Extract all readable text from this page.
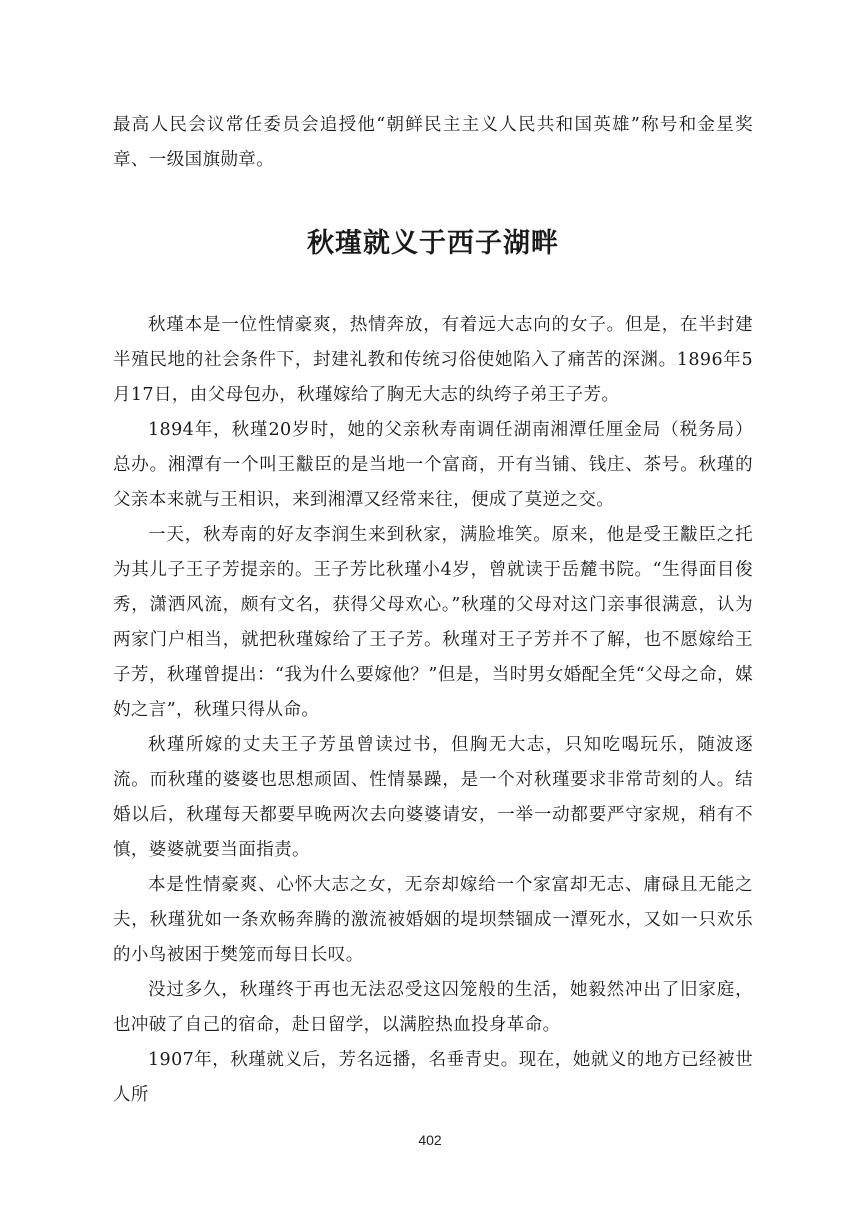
最高人民会议常任委员会追授他“朝鲜民主主义人民共和国英雄”称号和金星奖章、一级国旗勋章。

秋瑾就义于西子湖畔

秋瑾本是一位性情豪爽，热情奔放，有着远大志向的女子。但是，在半封建半殖民地的社会条件下，封建礼教和传统习俗使她陷入了痛苦的深渊。1896年5月17日，由父母包办，秋瑾嫁给了胸无大志的纨绔子弟王子芳。

1894年，秋瑾20岁时，她的父亲秋寿南调任湖南湘潭任厘金局（税务局）总办。湘潭有一个叫王黻臣的是当地一个富商，开有当铺、钱庄、茶号。秋瑾的父亲本来就与王相识，来到湘潭又经常来往，便成了莫逆之交。

一天，秋寿南的好友李润生来到秋家，满脸堆笑。原来，他是受王黻臣之托为其儿子王子芳提亲的。王子芳比秋瑾小4岁，曾就读于岳麓书院。“生得面目俊秀，潇洒风流，颇有文名，获得父母欢心。”秋瑾的父母对这门亲事很满意，认为两家门户相当，就把秋瑾嫁给了王子芳。秋瑾对王子芳并不了解，也不愿嫁给王子芳，秋瑾曾提出：“我为什么要嫁他？”但是，当时男女婚配全凭“父母之命，媒妁之言”，秋瑾只得从命。

秋瑾所嫁的丈夫王子芳虽曾读过书，但胸无大志，只知吃喝玩乐，随波逐流。而秋瑾的婆婆也思想顽固、性情暴躁，是一个对秋瑾要求非常苛刻的人。结婚以后，秋瑾每天都要早晚两次去向婆婆请安，一举一动都要严守家规，稍有不慎，婆婆就要当面指责。

本是性情豪爽、心怀大志之女，无奈却嫁给一个家富却无志、庸碌且无能之夫，秋瑾犹如一条欢畅奔腾的激流被婚姻的堤坝禁锢成一潭死水，又如一只欢乐的小鸟被困于樊笼而每日长叹。

没过多久，秋瑾终于再也无法忍受这囚笼般的生活，她毅然冲出了旧家庭，也冲破了自己的宿命，赴日留学，以满腔热血投身革命。

1907年，秋瑾就义后，芳名远播，名垂青史。现在，她就义的地方已经被世人所

402
